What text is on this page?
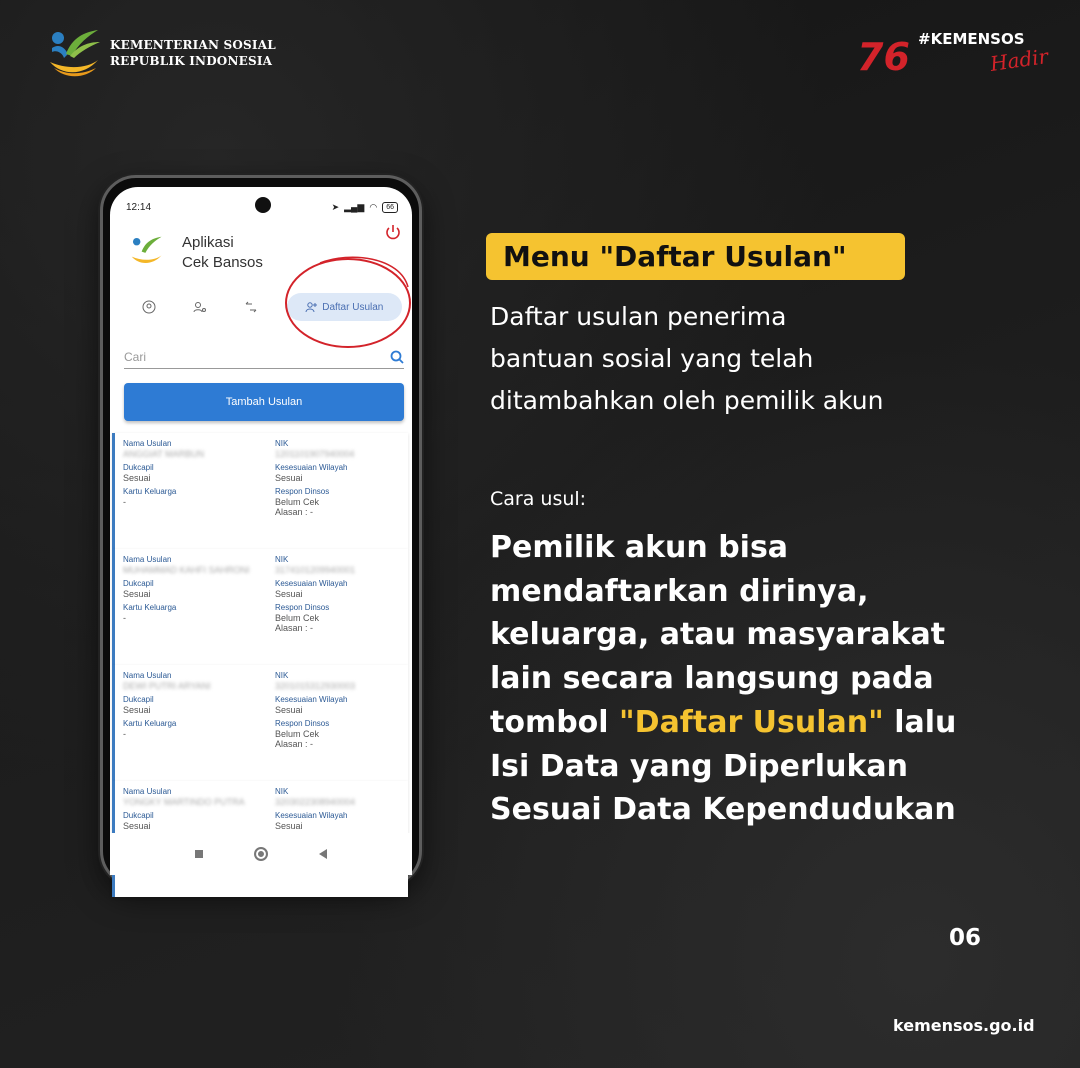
KEMENTERIAN SOSIAL
REPUBLIK INDONESIA	76 #KEMENSOS
Hadir
12:14	➤ ▂▄▆ ◠	66
Aplikasi
Cek Bansos
Daftar Usulan
Cari
Tambah Usulan
Nama Usulan
ANGGIAT MARBUN
Dukcapil
Sesuai
Kartu Keluarga
-
NIK
1201101907940004
Kesesuaian Wilayah
Sesuai
Respon Dinsos
Belum Cek
Alasan : -
Nama Usulan
MUHAMMAD KAHFI SAHRONI
Dukcapil
Sesuai
Kartu Keluarga
-
NIK
3174101209940001
Kesesuaian Wilayah
Sesuai
Respon Dinsos
Belum Cek
Alasan : -
Nama Usulan
DEWI PUTRI ARYANI
Dukcapil
Sesuai
Kartu Keluarga
-
NIK
3201015312930003
Kesesuaian Wilayah
Sesuai
Respon Dinsos
Belum Cek
Alasan : -
Nama Usulan
YONGKY MARTINDO PUTRA
Dukcapil
Sesuai
NIK
3203022308940004
Kesesuaian Wilayah
Sesuai
Menu "Daftar Usulan"
Daftar usulan penerima
bantuan sosial yang telah
ditambahkan oleh pemilik akun
Cara usul:
Pemilik akun bisa
mendaftarkan dirinya,
keluarga, atau masyarakat
lain secara langsung pada
tombol "Daftar Usulan" lalu
Isi Data yang Diperlukan
Sesuai Data Kependudukan
06
kemensos.go.id
